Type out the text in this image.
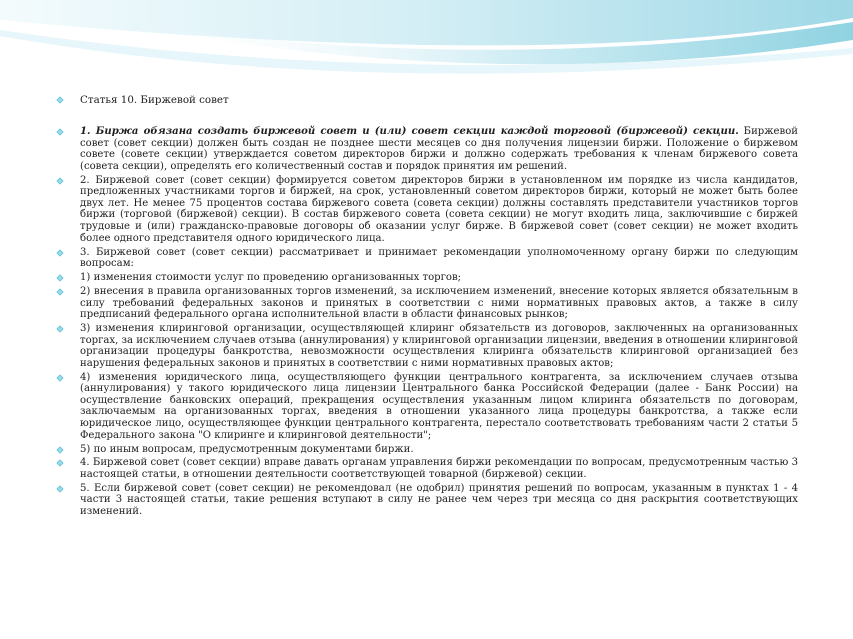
Статья 10. Биржевой совет
1. Биржа обязана создать биржевой совет и (или) совет секции каждой торговой (биржевой) секции. Биржевой совет (совет секции) должен быть создан не позднее шести месяцев со дня получения лицензии биржи. Положение о биржевом совете (совете секции) утверждается советом директоров биржи и должно содержать требования к членам биржевого совета (совета секции), определять его количественный состав и порядок принятия им решений.
2. Биржевой совет (совет секции) формируется советом директоров биржи в установленном им порядке из числа кандидатов, предложенных участниками торгов и биржей, на срок, установленный советом директоров биржи, который не может быть более двух лет. Не менее 75 процентов состава биржевого совета (совета секции) должны составлять представители участников торгов биржи (торговой (биржевой) секции). В состав биржевого совета (совета секции) не могут входить лица, заключившие с биржей трудовые и (или) гражданско-правовые договоры об оказании услуг бирже. В биржевой совет (совет секции) не может входить более одного представителя одного юридического лица.
3. Биржевой совет (совет секции) рассматривает и принимает рекомендации уполномоченному органу биржи по следующим вопросам:
1) изменения стоимости услуг по проведению организованных торгов;
2) внесения в правила организованных торгов изменений, за исключением изменений, внесение которых является обязательным в силу требований федеральных законов и принятых в соответствии с ними нормативных правовых актов, а также в силу предписаний федерального органа исполнительной власти в области финансовых рынков;
3) изменения клиринговой организации, осуществляющей клиринг обязательств из договоров, заключенных на организованных торгах, за исключением случаев отзыва (аннулирования) у клиринговой организации лицензии, введения в отношении клиринговой организации процедуры банкротства, невозможности осуществления клиринга обязательств клиринговой организацией без нарушения федеральных законов и принятых в соответствии с ними нормативных правовых актов;
4) изменения юридического лица, осуществляющего функции центрального контрагента, за исключением случаев отзыва (аннулирования) у такого юридического лица лицензии Центрального банка Российской Федерации (далее - Банк России) на осуществление банковских операций, прекращения осуществления указанным лицом клиринга обязательств по договорам, заключаемым на организованных торгах, введения в отношении указанного лица процедуры банкротства, а также если юридическое лицо, осуществляющее функции центрального контрагента, перестало соответствовать требованиям части 2 статьи 5 Федерального закона "О клиринге и клиринговой деятельности";
5) по иным вопросам, предусмотренным документами биржи.
4. Биржевой совет (совет секции) вправе давать органам управления биржи рекомендации по вопросам, предусмотренным частью 3 настоящей статьи, в отношении деятельности соответствующей товарной (биржевой) секции.
5. Если биржевой совет (совет секции) не рекомендовал (не одобрил) принятия решений по вопросам, указанным в пунктах 1 - 4 части 3 настоящей статьи, такие решения вступают в силу не ранее чем через три месяца со дня раскрытия соответствующих изменений.
